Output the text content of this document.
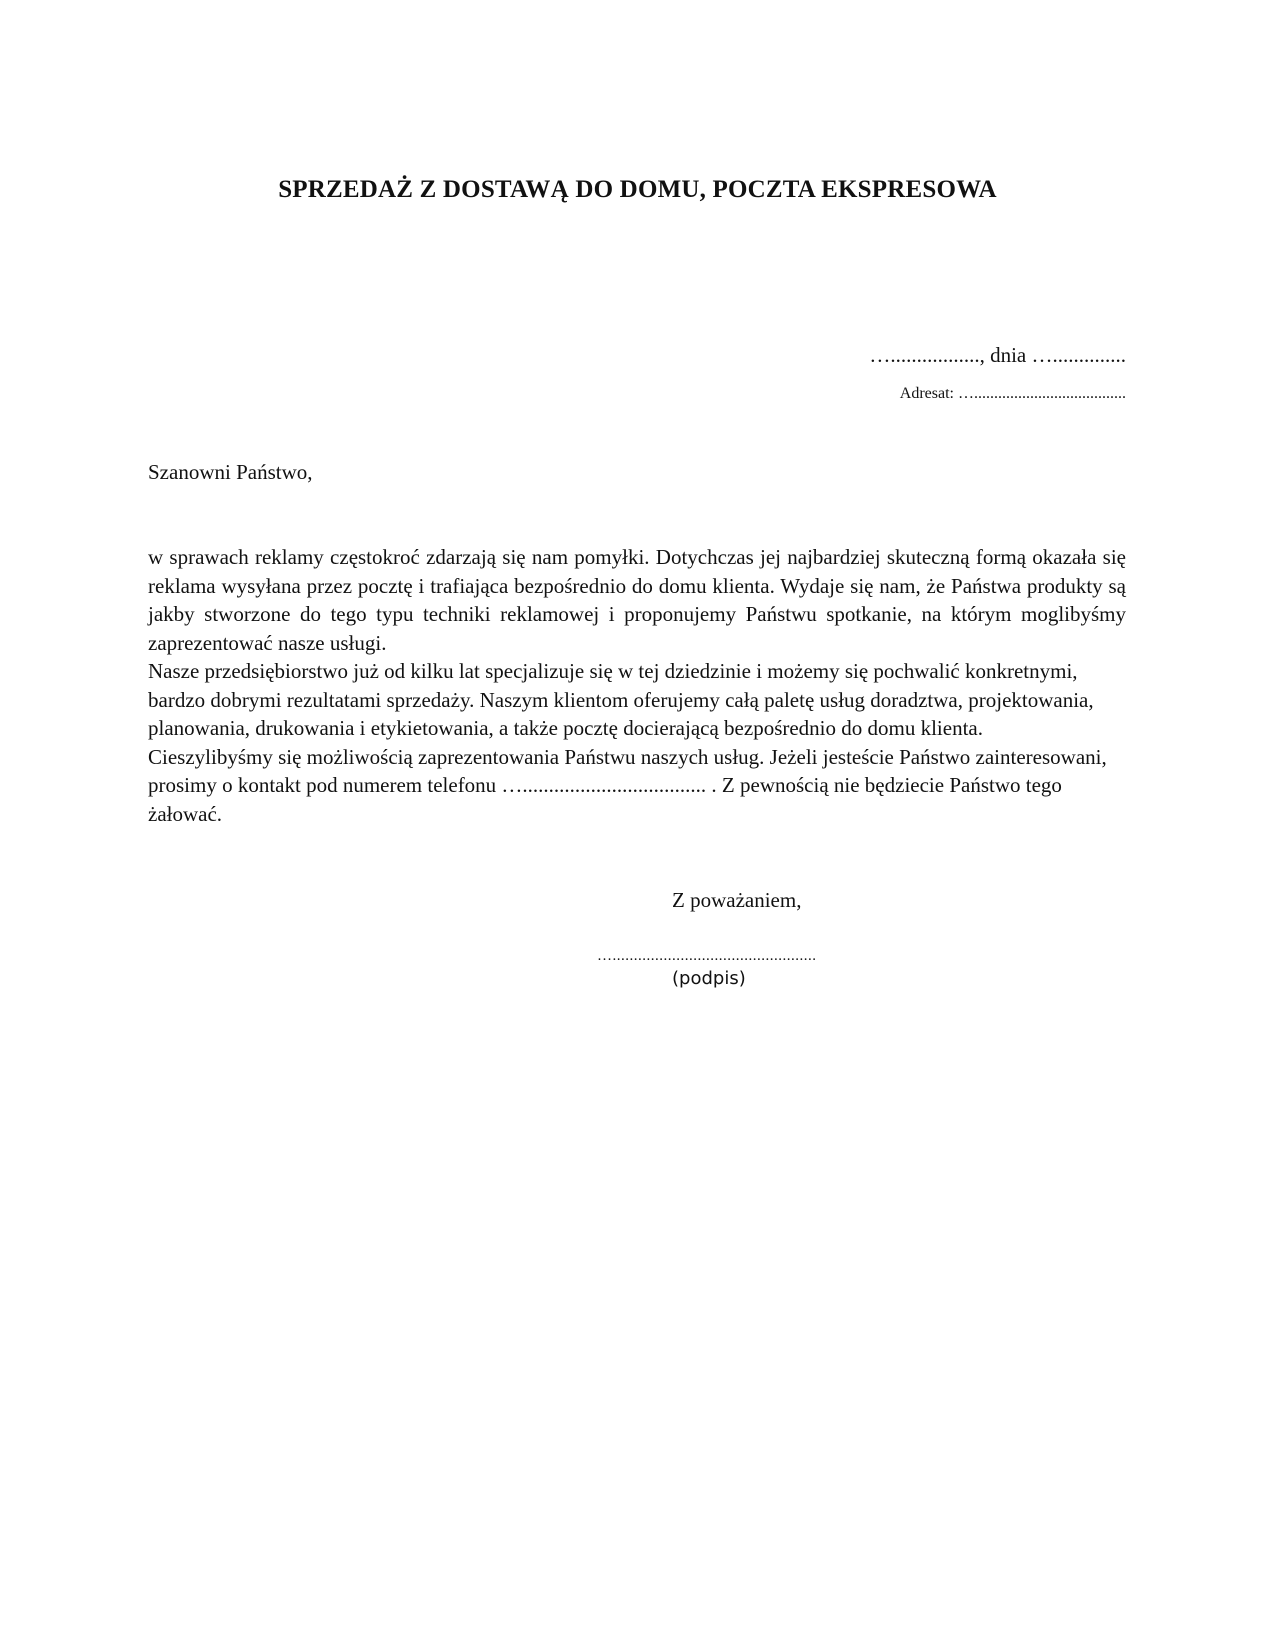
SPRZEDAŻ Z DOSTAWĄ DO DOMU, POCZTA EKSPRESOWA
…................., dnia …..............
Adresat: …......................................
Szanowni Państwo,

w sprawach reklamy częstokroć zdarzają się nam pomyłki. Dotychczas jej najbardziej skuteczną formą okazała się reklama wysyłana przez pocztę i trafiająca bezpośrednio do domu klienta. Wydaje się nam, że Państwa produkty są jakby stworzone do tego typu techniki reklamowej i proponujemy Państwu spotkanie, na którym moglibyśmy zaprezentować nasze usługi.

Nasze przedsiębiorstwo już od kilku lat specjalizuje się w tej dziedzinie i możemy się pochwalić konkretnymi, bardzo dobrymi rezultatami sprzedaży. Naszym klientom oferujemy całą paletę usług doradztwa, projektowania, planowania, drukowania i etykietowania, a także pocztę docierającą bezpośrednio do domu klienta.

Cieszylibyśmy się możliwością zaprezentowania Państwu naszych usług. Jeżeli jesteście Państwo zainteresowani, prosimy o kontakt pod numerem telefonu …................................... . Z pewnością nie będziecie Państwo tego żałować.

Z poważaniem,
…................................................
(podpis)
